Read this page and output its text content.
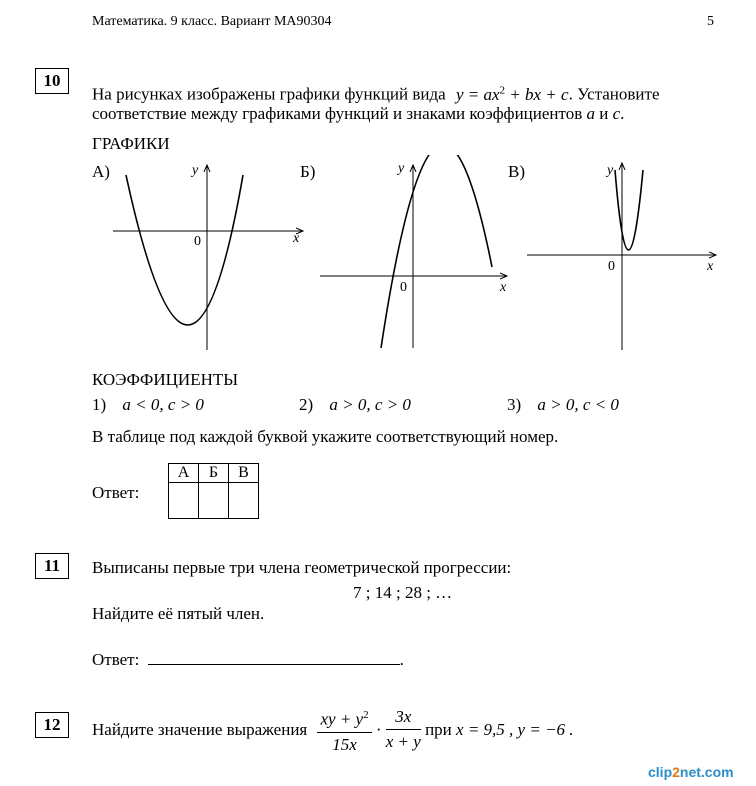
Математика. 9 класс. Вариант МА90304	5
10
На рисунках изображены графики функций вида $y = ax^2$ + bx + c. Установите
соответствие между графиками функций и знаками коэффициентов a и c.
ГРАФИКИ
А)	Б)	В)
x
y
0
x
y
0
x
y
0
КОЭФФИЦИЕНТЫ
1) a < 0, c > 0	2) a > 0, c > 0	3) a > 0, c < 0
В таблице под каждой буквой укажите соответствующий номер.
Ответ:
А	Б	В

11	Выписаны первые три члена геометрической прогрессии:
7 ; 14 ; 28 ; …
Найдите её пятый член.
Ответ:	.
12	Найдите значение выражения $\frac{xy + y^2}{15x} \cdot \frac{3x}{x + y}$ при x = 9,5 , y = −6 .
clip2net.com
